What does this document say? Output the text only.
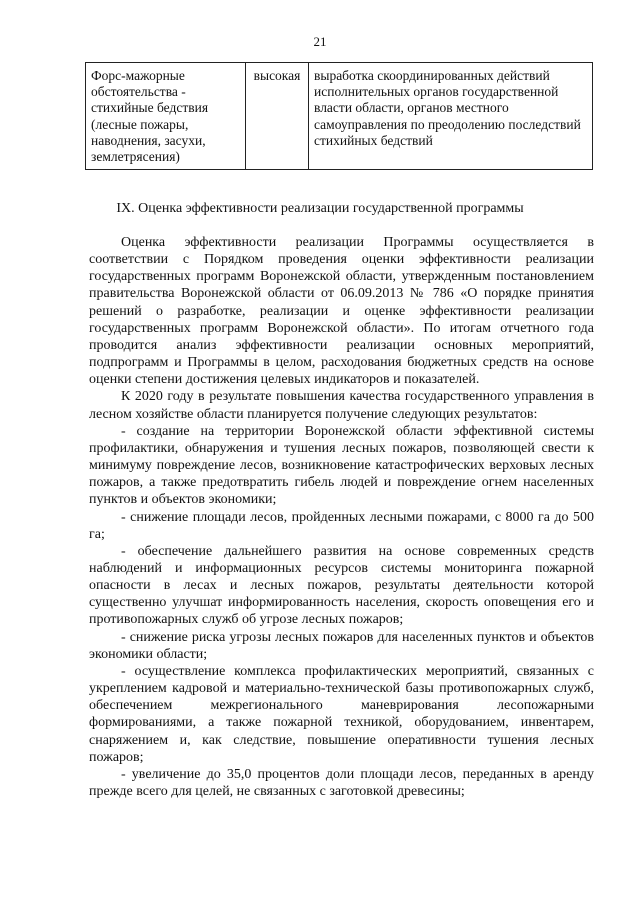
21
Форс-мажорные обстоятельства - стихийные бедствия (лесные пожары, наводнения, засухи, землетрясения)	высокая	выработка скоординированных действий исполнительных органов государственной власти области, органов местного самоуправления по преодолению последствий стихийных бедствий
IX. Оценка эффективности реализации государственной программы

Оценка эффективности реализации Программы осуществляется в соответствии с Порядком проведения оценки эффективности реализации государственных программ Воронежской области, утвержденным постановлением правительства Воронежской области от 06.09.2013 № 786 «О порядке принятия решений о разработке, реализации и оценке эффективности реализации государственных программ Воронежской области». По итогам отчетного года проводится анализ эффективности реализации основных мероприятий, подпрограмм и Программы в целом, расходования бюджетных средств на основе оценки степени достижения целевых индикаторов и показателей.

К 2020 году в результате повышения качества государственного управления в лесном хозяйстве области планируется получение следующих результатов:

- создание на территории Воронежской области эффективной системы профилактики, обнаружения и тушения лесных пожаров, позволяющей свести к минимуму повреждение лесов, возникновение катастрофических верховых лесных пожаров, а также предотвратить гибель людей и повреждение огнем населенных пунктов и объектов экономики;

- снижение площади лесов, пройденных лесными пожарами, с 8000 га до 500 га;

- обеспечение дальнейшего развития на основе современных средств наблюдений и информационных ресурсов системы мониторинга пожарной опасности в лесах и лесных пожаров, результаты деятельности которой существенно улучшат информированность населения, скорость оповещения его и противопожарных служб об угрозе лесных пожаров;

- снижение риска угрозы лесных пожаров для населенных пунктов и объектов экономики области;

- осуществление комплекса профилактических мероприятий, связанных с укреплением кадровой и материально-технической базы противопожарных служб, обеспечением межрегионального маневрирования лесопожарными формированиями, а также пожарной техникой, оборудованием, инвентарем, снаряжением и, как следствие, повышение оперативности тушения лесных пожаров;

- увеличение до 35,0 процентов доли площади лесов, переданных в аренду прежде всего для целей, не связанных с заготовкой древесины;
